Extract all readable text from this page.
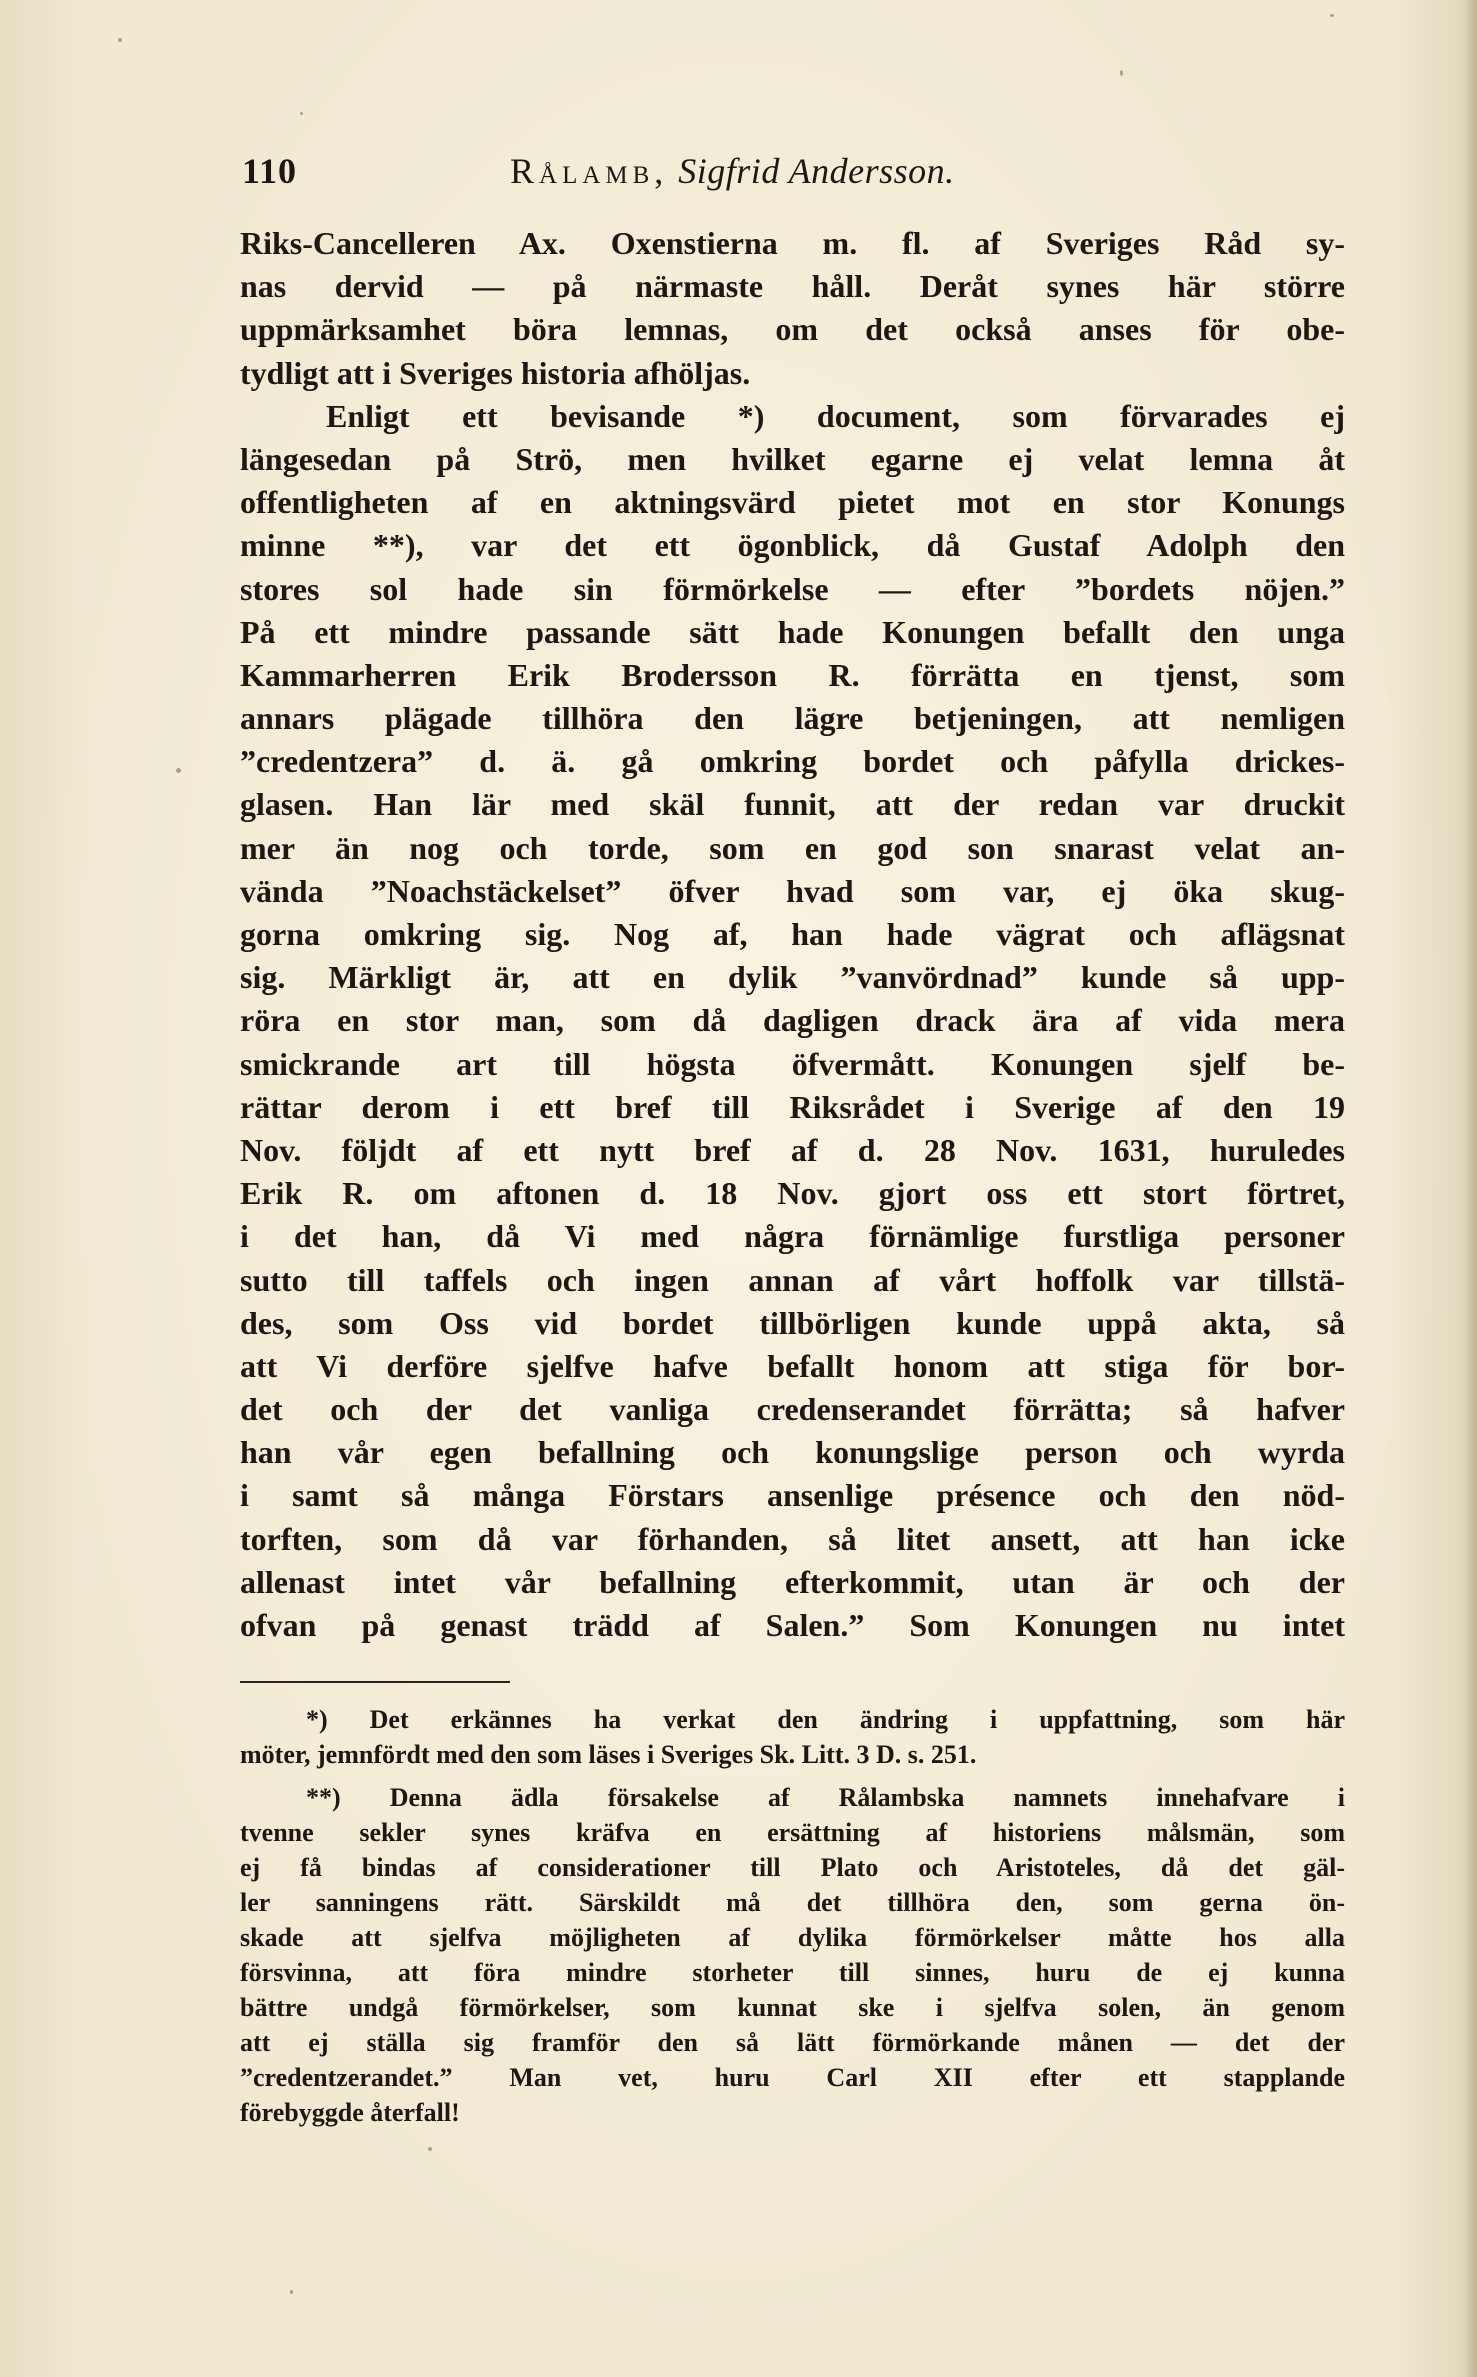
110	Rålamb, Sigfrid Andersson.
Riks-Cancelleren Ax. Oxenstierna m. fl. af Sveriges Råd sy-
nas dervid — på närmaste håll. Deråt synes här större
uppmärksamhet böra lemnas, om det också anses för obe-
tydligt att i Sveriges historia afhöljas.
Enligt ett bevisande *) document, som förvarades ej
längesedan på Strö, men hvilket egarne ej velat lemna åt
offentligheten af en aktningsvärd pietet mot en stor Konungs
minne **), var det ett ögonblick, då Gustaf Adolph den
stores sol hade sin förmörkelse — efter ”bordets nöjen.”
På ett mindre passande sätt hade Konungen befallt den unga
Kammarherren Erik Brodersson R. förrätta en tjenst, som
annars plägade tillhöra den lägre betjeningen, att nemligen
”credentzera” d. ä. gå omkring bordet och påfylla drickes-
glasen. Han lär med skäl funnit, att der redan var druckit
mer än nog och torde, som en god son snarast velat an-
vända ”Noachstäckelset” öfver hvad som var, ej öka skug-
gorna omkring sig. Nog af, han hade vägrat och aflägsnat
sig. Märkligt är, att en dylik ”vanvördnad” kunde så upp-
röra en stor man, som då dagligen drack ära af vida mera
smickrande art till högsta öfvermått. Konungen sjelf be-
rättar derom i ett bref till Riksrådet i Sverige af den 19
Nov. följdt af ett nytt bref af d. 28 Nov. 1631, huruledes
Erik R. om aftonen d. 18 Nov. gjort oss ett stort förtret,
i det han, då Vi med några förnämlige furstliga personer
sutto till taffels och ingen annan af vårt hoffolk var tillstä-
des, som Oss vid bordet tillbörligen kunde uppå akta, så
att Vi derföre sjelfve hafve befallt honom att stiga för bor-
det och der det vanliga credenserandet förrätta; så hafver
han vår egen befallning och konungslige person och wyrda
i samt så många Förstars ansenlige présence och den nöd-
torften, som då var förhanden, så litet ansett, att han icke
allenast intet vår befallning efterkommit, utan är och der
ofvan på genast trädd af Salen.” Som Konungen nu intet
*) Det erkännes ha verkat den ändring i uppfattning, som här
möter, jemnfördt med den som läses i Sveriges Sk. Litt. 3 D. s. 251.
**) Denna ädla försakelse af Rålambska namnets innehafvare i
tvenne sekler synes kräfva en ersättning af historiens målsmän, som
ej få bindas af considerationer till Plato och Aristoteles, då det gäl-
ler sanningens rätt. Särskildt må det tillhöra den, som gerna ön-
skade att sjelfva möjligheten af dylika förmörkelser måtte hos alla
försvinna, att föra mindre storheter till sinnes, huru de ej kunna
bättre undgå förmörkelser, som kunnat ske i sjelfva solen, än genom
att ej ställa sig framför den så lätt förmörkande månen — det der
”credentzerandet.” Man vet, huru Carl XII efter ett stapplande
förebyggde återfall!
